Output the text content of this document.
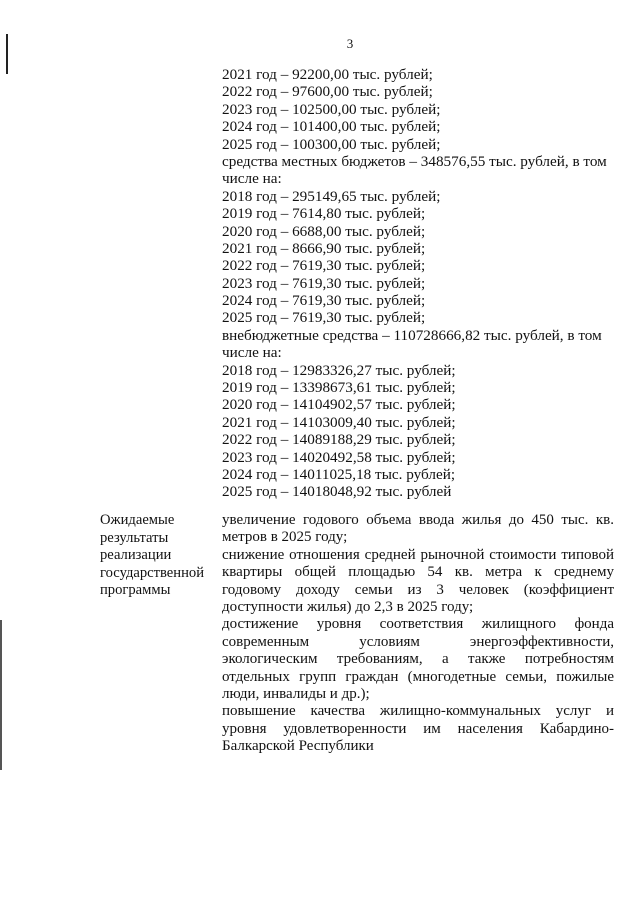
3
2021 год – 92200,00 тыс. рублей;
2022 год – 97600,00 тыс. рублей;
2023 год – 102500,00 тыс. рублей;
2024 год – 101400,00 тыс. рублей;
2025 год – 100300,00 тыс. рублей;
средства местных бюджетов – 348576,55 тыс. рублей, в том
числе на:
2018 год – 295149,65 тыс. рублей;
2019 год – 7614,80 тыс. рублей;
2020 год – 6688,00 тыс. рублей;
2021 год – 8666,90 тыс. рублей;
2022 год – 7619,30 тыс. рублей;
2023 год – 7619,30 тыс. рублей;
2024 год – 7619,30 тыс. рублей;
2025 год – 7619,30 тыс. рублей;
внебюджетные средства – 110728666,82 тыс. рублей, в том
числе на:
2018 год – 12983326,27 тыс. рублей;
2019 год – 13398673,61 тыс. рублей;
2020 год – 14104902,57 тыс. рублей;
2021 год – 14103009,40 тыс. рублей;
2022 год – 14089188,29 тыс. рублей;
2023 год – 14020492,58 тыс. рублей;
2024 год – 14011025,18 тыс. рублей;
2025 год – 14018048,92 тыс. рублей
Ожидаемые
результаты
реализации
государственной
программы
увеличение годового объема ввода жилья до 450 тыс. кв.
метров в 2025 году;
снижение отношения средней рыночной стоимости типовой
квартиры общей площадью 54 кв. метра к среднему
годовому доходу семьи из 3 человек (коэффициент
доступности жилья) до 2,3 в 2025 году;
достижение уровня соответствия жилищного фонда
современным условиям энергоэффективности,
экологическим требованиям, а также потребностям
отдельных групп граждан (многодетные семьи, пожилые
люди, инвалиды и др.);
повышение качества жилищно-коммунальных услуг и
уровня удовлетворенности им населения Кабардино-
Балкарской Республики
